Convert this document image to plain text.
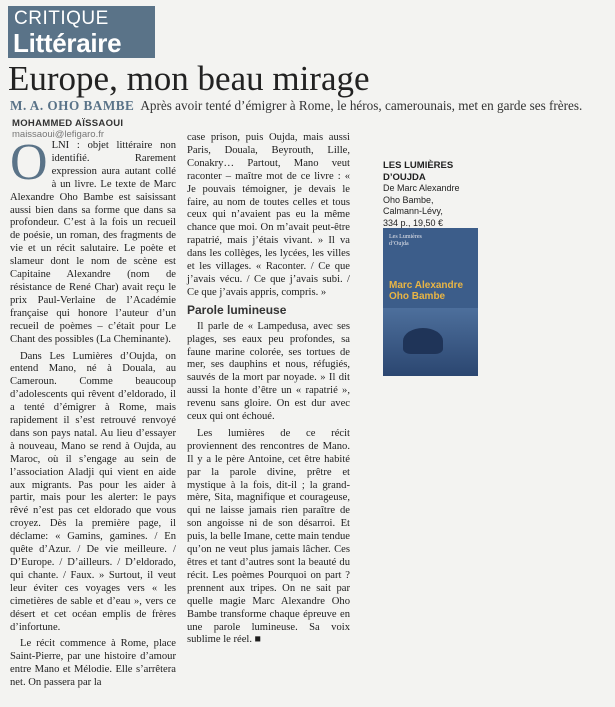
CRITIQUE
Littéraire
Europe, mon beau mirage
M. A. OHO BAMBE Après avoir tenté d’émigrer à Rome, le héros, camerounais, met en garde ses frères.
MOHAMMED AÏSSAOUI
maissaoui@lefigaro.fr

OLNI : objet littéraire non identifié. Rarement expression aura autant collé à un livre. Le texte de Marc Alexandre Oho Bambe est saisissant aussi bien dans sa forme que dans sa profondeur. C’est à la fois un recueil de poésie, un roman, des fragments de vie et un récit salutaire. Le poète et slameur dont le nom de scène est Capitaine Alexandre (nom de résistance de René Char) avait reçu le prix Paul-Verlaine de l’Académie française qui honore l’auteur d’un recueil de poèmes – c’était pour Le Chant des possibles (La Cheminante).

Dans Les Lumières d’Oujda, on entend Mano, né à Douala, au Cameroun. Comme beaucoup d’adolescents qui rêvent d’eldorado, il a tenté d’émigrer à Rome, mais rapidement il s’est retrouvé renvoyé dans son pays natal. Au lieu d’essayer à nouveau, Mano se rend à Oujda, au Maroc, où il s’engage au sein de l’association Aladji qui vient en aide aux migrants. Pas pour les aider à partir, mais pour les alerter: le pays rêvé n’est pas cet eldorado que vous croyez. Dès la première page, il déclame: « Gamins, gamines. / En quête d’Azur. / De vie meilleure. / D’Europe. / D’ailleurs. / D’eldorado, qui chante. / Faux. » Surtout, il veut leur éviter ces voyages vers « les cimetières de sable et d’eau », vers ce désert et cet océan emplis de frères d’infortune.

Le récit commence à Rome, place Saint-Pierre, par une histoire d’amour entre Mano et Mélodie. Elle s’arrêtera net. On passera par la

case prison, puis Oujda, mais aussi Paris, Douala, Beyrouth, Lille, Conakry… Partout, Mano veut raconter – maître mot de ce livre : « Je pouvais témoigner, je devais le faire, au nom de toutes celles et tous ceux qui n’avaient pas eu la même chance que moi. On m’avait peut-être rapatrié, mais j’étais vivant. » Il va dans les collèges, les lycées, les villes et les villages. « Raconter. / Ce que j’avais vécu. / Ce que j’avais subi. / Ce que j’avais appris, compris. »

Parole lumineuse

Il parle de « Lampedusa, avec ses plages, ses eaux peu profondes, sa faune marine colorée, ses tortues de mer, ses dauphins et nous, réfugiés, sauvés de la mort par noyade. » Il dit aussi la honte d’être un « rapatrié », revenu sans gloire. On est dur avec ceux qui ont échoué.

Les lumières de ce récit proviennent des rencontres de Mano. Il y a le père Antoine, cet être habité par la parole divine, prêtre et mystique à la fois, dit-il ; la grand-mère, Sita, magnifique et courageuse, qui ne laisse jamais rien paraître de son angoisse ni de son désarroi. Et puis, la belle Imane, cette main tendue qu’on ne veut plus jamais lâcher. Ces êtres et tant d’autres sont la beauté du récit. Les poèmes Pourquoi on part ? prennent aux tripes. On ne sait par quelle magie Marc Alexandre Oho Bambe transforme chaque épreuve en une parole lumineuse. Sa voix sublime le réel. ■

LES LUMIÈRES
D’OUJDA
De Marc Alexandre
Oho Bambe,
Calmann-Lévy,
334 p., 19,50 €
Les Lumières
d’Oujda
Marc Alexandre
Oho Bambe
